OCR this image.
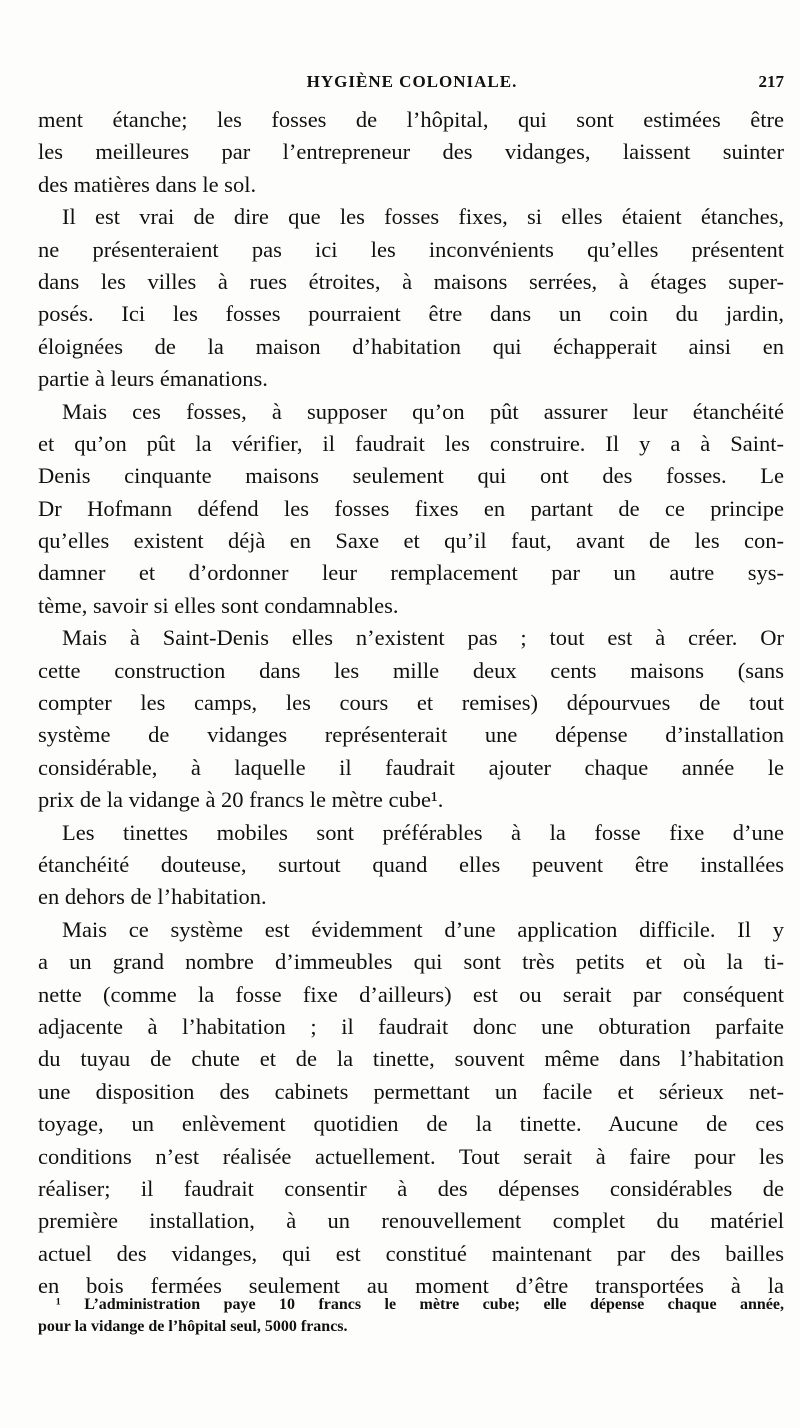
HYGIÈNE COLONIALE.	217
ment étanche; les fosses de l’hôpital, qui sont estimées être
les meilleures par l’entrepreneur des vidanges, laissent suinter
des matières dans le sol.
Il est vrai de dire que les fosses fixes, si elles étaient étanches,
ne présenteraient pas ici les inconvénients qu’elles présentent
dans les villes à rues étroites, à maisons serrées, à étages super-
posés. Ici les fosses pourraient être dans un coin du jardin,
éloignées de la maison d’habitation qui échapperait ainsi en
partie à leurs émanations.
Mais ces fosses, à supposer qu’on pût assurer leur étanchéité
et qu’on pût la vérifier, il faudrait les construire. Il y a à Saint-
Denis cinquante maisons seulement qui ont des fosses. Le
Dr Hofmann défend les fosses fixes en partant de ce principe
qu’elles existent déjà en Saxe et qu’il faut, avant de les con-
damner et d’ordonner leur remplacement par un autre sys-
tème, savoir si elles sont condamnables.
Mais à Saint-Denis elles n’existent pas ; tout est à créer. Or
cette construction dans les mille deux cents maisons (sans
compter les camps, les cours et remises) dépourvues de tout
système de vidanges représenterait une dépense d’installation
considérable, à laquelle il faudrait ajouter chaque année le
prix de la vidange à 20 francs le mètre cube¹.
Les tinettes mobiles sont préférables à la fosse fixe d’une
étanchéité douteuse, surtout quand elles peuvent être installées
en dehors de l’habitation.
Mais ce système est évidemment d’une application difficile. Il y
a un grand nombre d’immeubles qui sont très petits et où la ti-
nette (comme la fosse fixe d’ailleurs) est ou serait par conséquent
adjacente à l’habitation ; il faudrait donc une obturation parfaite
du tuyau de chute et de la tinette, souvent même dans l’habitation
une disposition des cabinets permettant un facile et sérieux net-
toyage, un enlèvement quotidien de la tinette. Aucune de ces
conditions n’est réalisée actuellement. Tout serait à faire pour les
réaliser; il faudrait consentir à des dépenses considérables de
première installation, à un renouvellement complet du matériel
actuel des vidanges, qui est constitué maintenant par des bailles
en bois fermées seulement au moment d’être transportées à la
¹ L’administration paye 10 francs le mètre cube; elle dépense chaque année,
pour la vidange de l’hôpital seul, 5000 francs.
